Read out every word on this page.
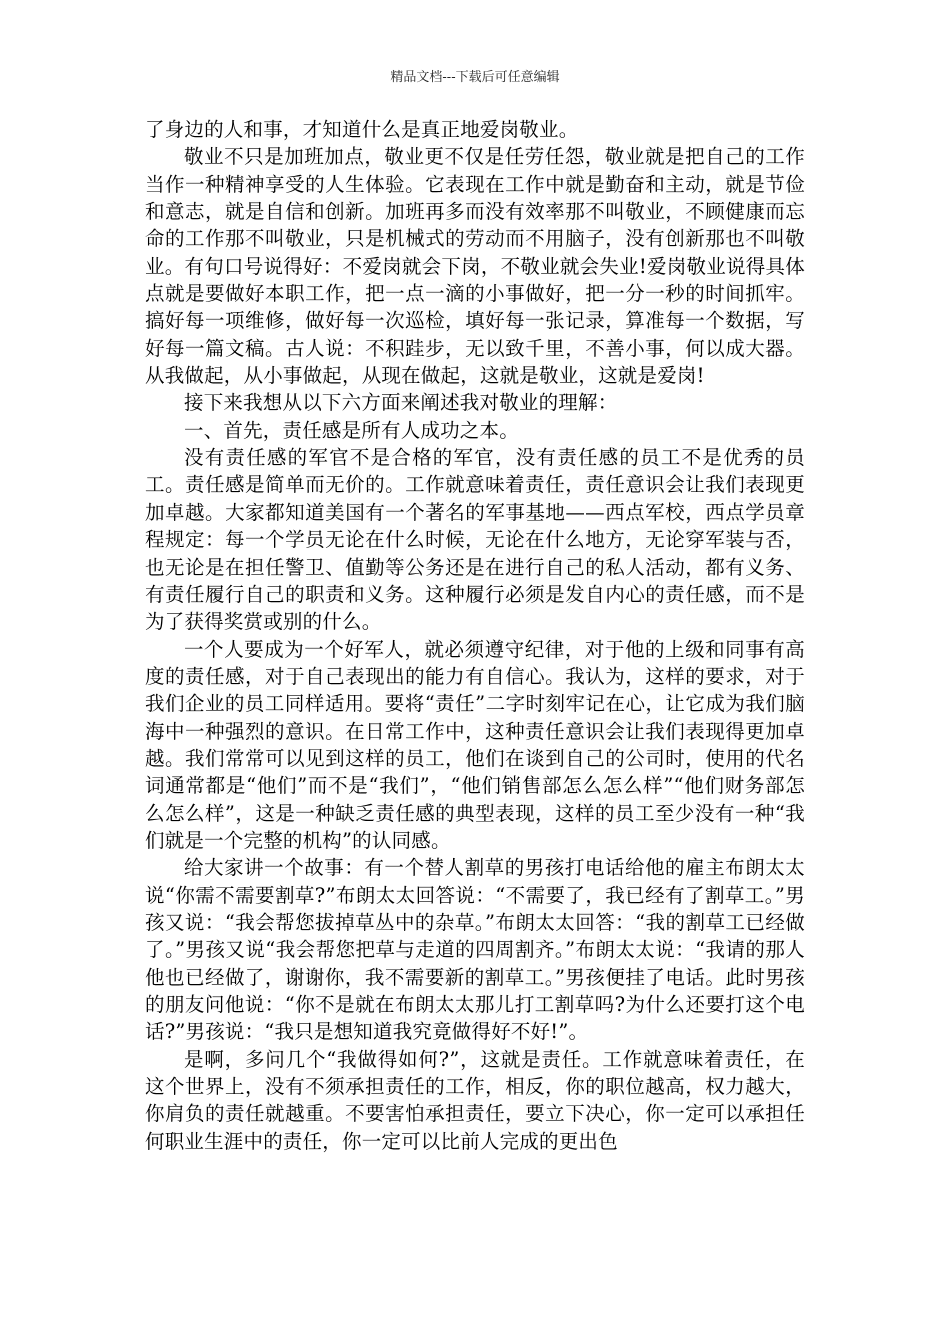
精品文档---下载后可任意编辑

了身边的人和事，才知道什么是真正地爱岗敬业。

敬业不只是加班加点，敬业更不仅是任劳任怨，敬业就是把自己的工作当作一种精神享受的人生体验。它表现在工作中就是勤奋和主动，就是节俭和意志，就是自信和创新。加班再多而没有效率那不叫敬业，不顾健康而忘命的工作那不叫敬业，只是机械式的劳动而不用脑子，没有创新那也不叫敬业。有句口号说得好：不爱岗就会下岗，不敬业就会失业!爱岗敬业说得具体点就是要做好本职工作，把一点一滴的小事做好，把一分一秒的时间抓牢。搞好每一项维修，做好每一次巡检，填好每一张记录，算准每一个数据，写好每一篇文稿。古人说：不积跬步，无以致千里，不善小事，何以成大器。从我做起，从小事做起，从现在做起，这就是敬业，这就是爱岗!

接下来我想从以下六方面来阐述我对敬业的理解：

一、首先，责任感是所有人成功之本。

没有责任感的军官不是合格的军官，没有责任感的员工不是优秀的员工。责任感是简单而无价的。工作就意味着责任，责任意识会让我们表现更加卓越。大家都知道美国有一个著名的军事基地——西点军校，西点学员章程规定：每一个学员无论在什么时候，无论在什么地方，无论穿军装与否，也无论是在担任警卫、值勤等公务还是在进行自己的私人活动，都有义务、有责任履行自己的职责和义务。这种履行必须是发自内心的责任感，而不是为了获得奖赏或别的什么。

一个人要成为一个好军人，就必须遵守纪律，对于他的上级和同事有高度的责任感，对于自己表现出的能力有自信心。我认为，这样的要求，对于我们企业的员工同样适用。要将“责任”二字时刻牢记在心，让它成为我们脑海中一种强烈的意识。在日常工作中，这种责任意识会让我们表现得更加卓越。我们常常可以见到这样的员工，他们在谈到自己的公司时，使用的代名词通常都是“他们”而不是“我们”，“他们销售部怎么怎么样”“他们财务部怎么怎么样”，这是一种缺乏责任感的典型表现，这样的员工至少没有一种“我们就是一个完整的机构”的认同感。

给大家讲一个故事：有一个替人割草的男孩打电话给他的雇主布朗太太说“你需不需要割草?”布朗太太回答说：“不需要了，我已经有了割草工。”男孩又说：“我会帮您拔掉草丛中的杂草。”布朗太太回答：“我的割草工已经做了。”男孩又说“我会帮您把草与走道的四周割齐。”布朗太太说：“我请的那人他也已经做了，谢谢你，我不需要新的割草工。”男孩便挂了电话。此时男孩的朋友问他说：“你不是就在布朗太太那儿打工割草吗?为什么还要打这个电话?”男孩说：“我只是想知道我究竟做得好不好!”。

是啊，多问几个“我做得如何?”，这就是责任。工作就意味着责任，在这个世界上，没有不须承担责任的工作，相反，你的职位越高，权力越大，你肩负的责任就越重。不要害怕承担责任，要立下决心，你一定可以承担任何职业生涯中的责任，你一定可以比前人完成的更出色
